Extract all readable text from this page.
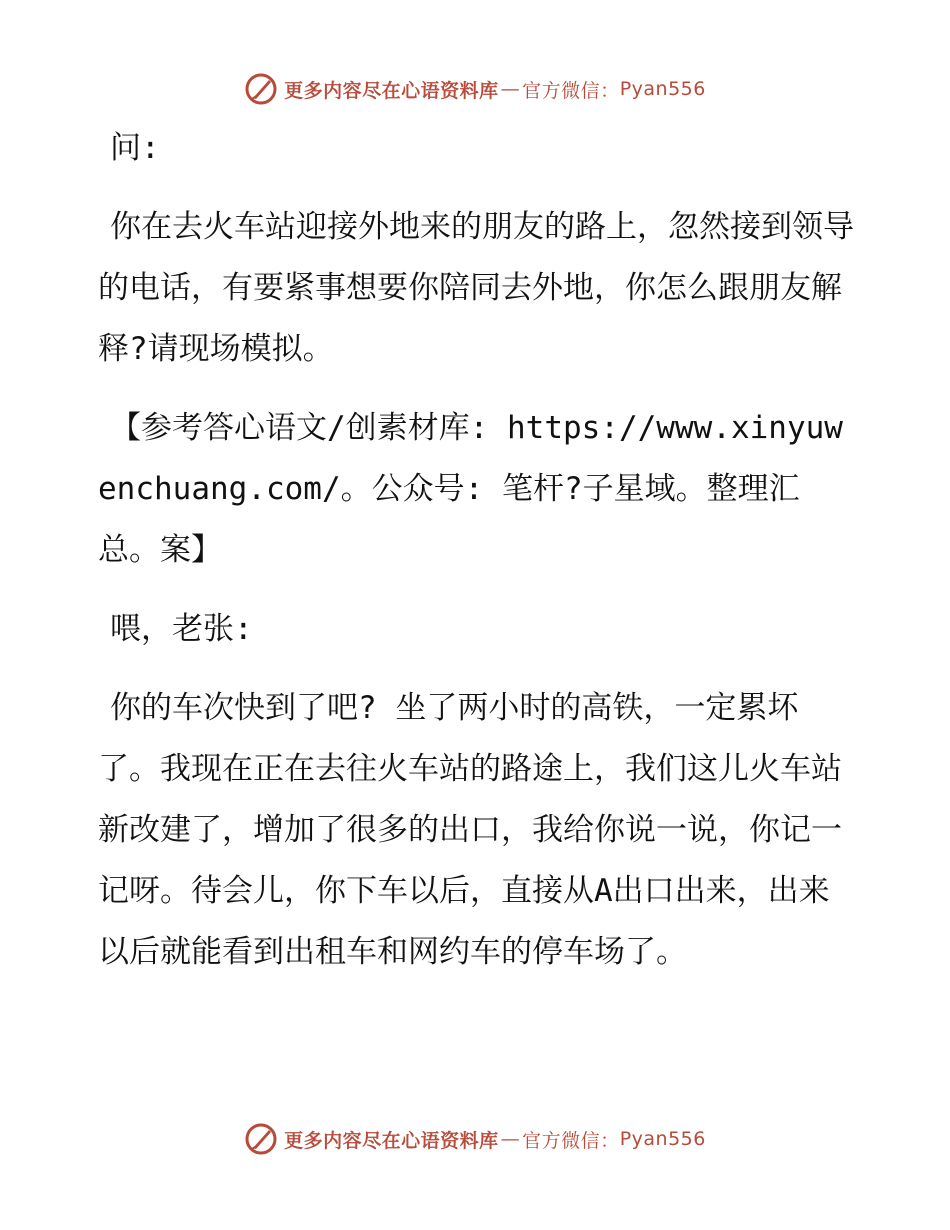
更多内容尽在心语资料库 — 官方微信： Pyan556

问:

你在去火车站迎接外地来的朋友的路上，忽然接到领导的电话，有要紧事想要你陪同去外地，你怎么跟朋友解释?请现场模拟。

【参考答心语文/创素材库: https://www.xinyuwenchuang.com/。公众号: 笔杆?子星域。整理汇总。案】

喂，老张:

你的车次快到了吧? 坐了两小时的高铁，一定累坏了。我现在正在去往火车站的路途上，我们这儿火车站新改建了，增加了很多的出口，我给你说一说，你记一记呀。待会儿，你下车以后，直接从A出口出来，出来以后就能看到出租车和网约车的停车场了。

更多内容尽在心语资料库 — 官方微信： Pyan556
